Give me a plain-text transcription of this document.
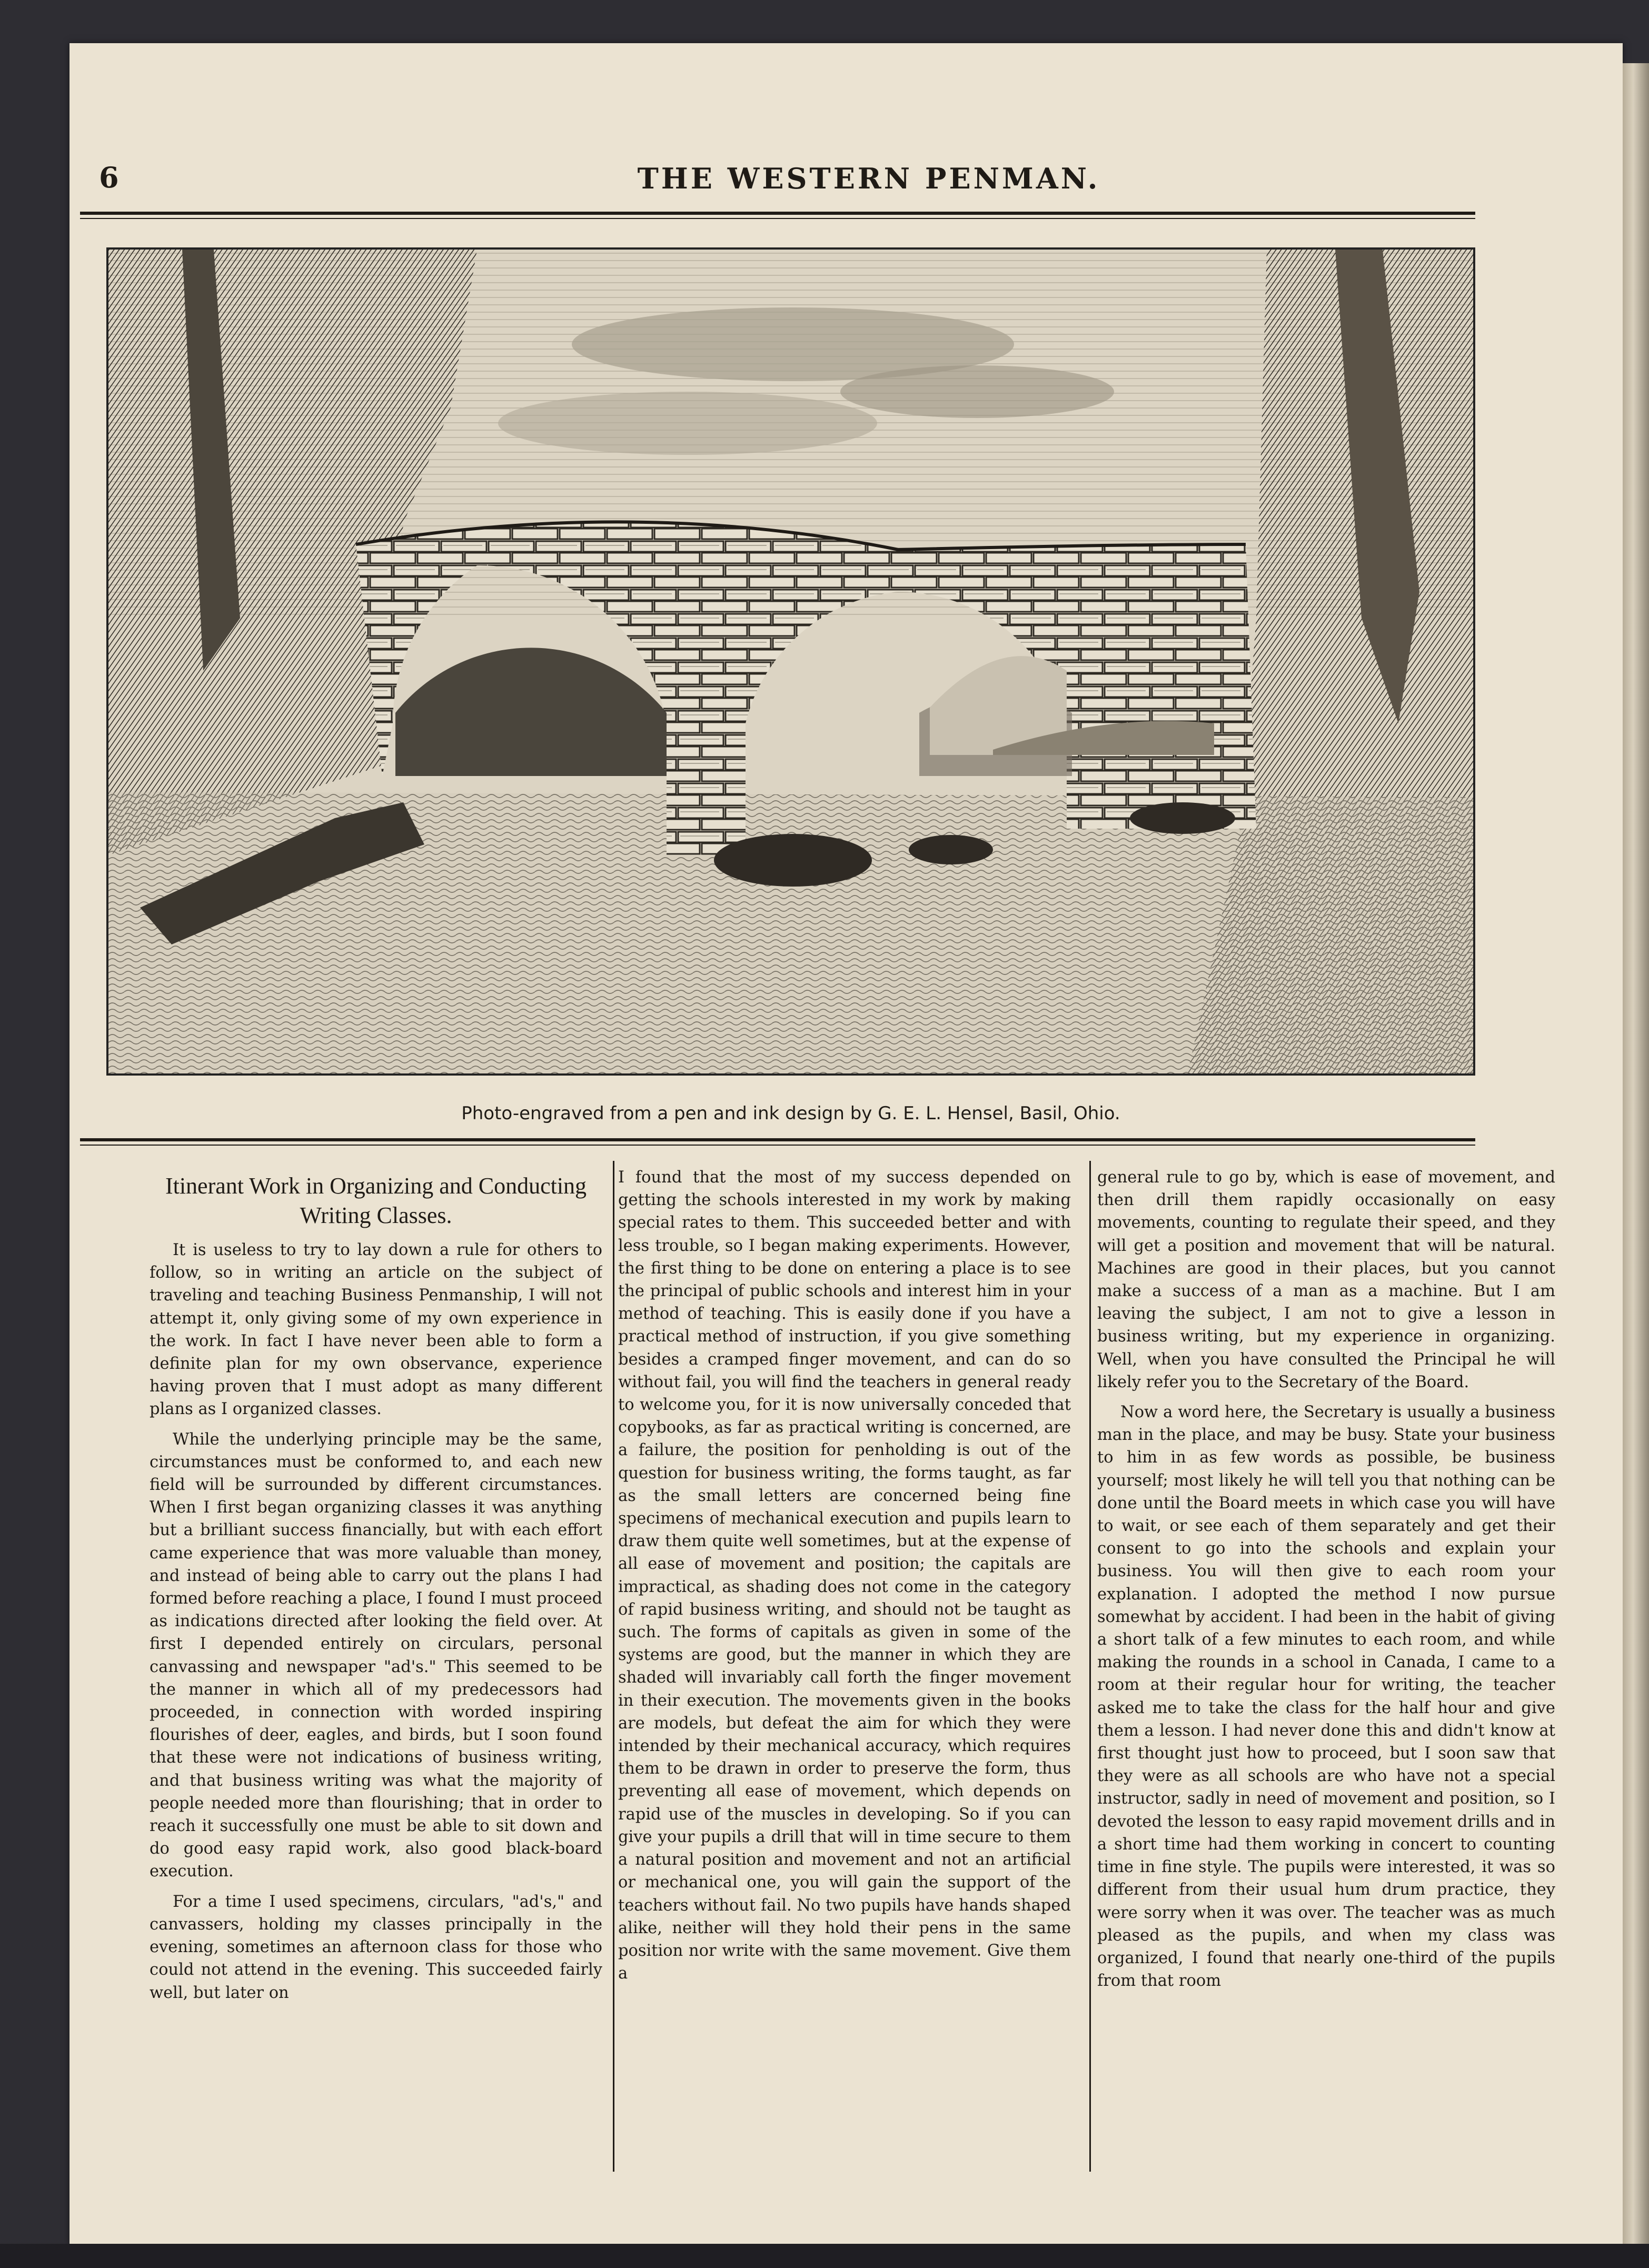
6	THE WESTERN PENMAN.
Photo-engraved from a pen and ink design by G. E. L. Hensel, Basil, Ohio.
Itinerant Work in Organizing and Conducting Writing Classes.

It is useless to try to lay down a rule for others to follow, so in writing an article on the subject of traveling and teaching Business Penmanship, I will not attempt it, only giving some of my own experience in the work. In fact I have never been able to form a definite plan for my own observance, experience having proven that I must adopt as many different plans as I organized classes.

While the underlying principle may be the same, circumstances must be conformed to, and each new field will be surrounded by different circumstances. When I first began organizing classes it was anything but a brilliant success financially, but with each effort came experience that was more valuable than money, and instead of being able to carry out the plans I had formed before reaching a place, I found I must proceed as indications directed after looking the field over. At first I depended entirely on circulars, personal canvassing and newspaper "ad's." This seemed to be the manner in which all of my predecessors had proceeded, in connection with worded inspiring flourishes of deer, eagles, and birds, but I soon found that these were not indications of business writing, and that business writing was what the majority of people needed more than flourishing; that in order to reach it successfully one must be able to sit down and do good easy rapid work, also good black-board execution.

For a time I used specimens, circulars, "ad's," and canvassers, holding my classes principally in the evening, sometimes an afternoon class for those who could not attend in the evening. This succeeded fairly well, but later on

I found that the most of my success depended on getting the schools interested in my work by making special rates to them. This succeeded better and with less trouble, so I began making experiments. However, the first thing to be done on entering a place is to see the principal of public schools and interest him in your method of teaching. This is easily done if you have a practical method of instruction, if you give something besides a cramped finger movement, and can do so without fail, you will find the teachers in general ready to welcome you, for it is now universally conceded that copybooks, as far as practical writing is concerned, are a failure, the position for penholding is out of the question for business writing, the forms taught, as far as the small letters are concerned being fine specimens of mechanical execution and pupils learn to draw them quite well sometimes, but at the expense of all ease of movement and position; the capitals are impractical, as shading does not come in the category of rapid business writing, and should not be taught as such. The forms of capitals as given in some of the systems are good, but the manner in which they are shaded will invariably call forth the finger movement in their execution. The movements given in the books are models, but defeat the aim for which they were intended by their mechanical accuracy, which requires them to be drawn in order to preserve the form, thus preventing all ease of movement, which depends on rapid use of the muscles in developing. So if you can give your pupils a drill that will in time secure to them a natural position and movement and not an artificial or mechanical one, you will gain the support of the teachers without fail. No two pupils have hands shaped alike, neither will they hold their pens in the same position nor write with the same movement. Give them a

general rule to go by, which is ease of movement, and then drill them rapidly occasionally on easy movements, counting to regulate their speed, and they will get a position and movement that will be natural. Machines are good in their places, but you cannot make a success of a man as a machine. But I am leaving the subject, I am not to give a lesson in business writing, but my experience in organizing. Well, when you have consulted the Principal he will likely refer you to the Secretary of the Board.

Now a word here, the Secretary is usually a business man in the place, and may be busy. State your business to him in as few words as possible, be business yourself; most likely he will tell you that nothing can be done until the Board meets in which case you will have to wait, or see each of them separately and get their consent to go into the schools and explain your business. You will then give to each room your explanation. I adopted the method I now pursue somewhat by accident. I had been in the habit of giving a short talk of a few minutes to each room, and while making the rounds in a school in Canada, I came to a room at their regular hour for writing, the teacher asked me to take the class for the half hour and give them a lesson. I had never done this and didn't know at first thought just how to proceed, but I soon saw that they were as all schools are who have not a special instructor, sadly in need of movement and position, so I devoted the lesson to easy rapid movement drills and in a short time had them working in concert to counting time in fine style. The pupils were interested, it was so different from their usual hum drum practice, they were sorry when it was over. The teacher was as much pleased as the pupils, and when my class was organized, I found that nearly one-third of the pupils from that room
